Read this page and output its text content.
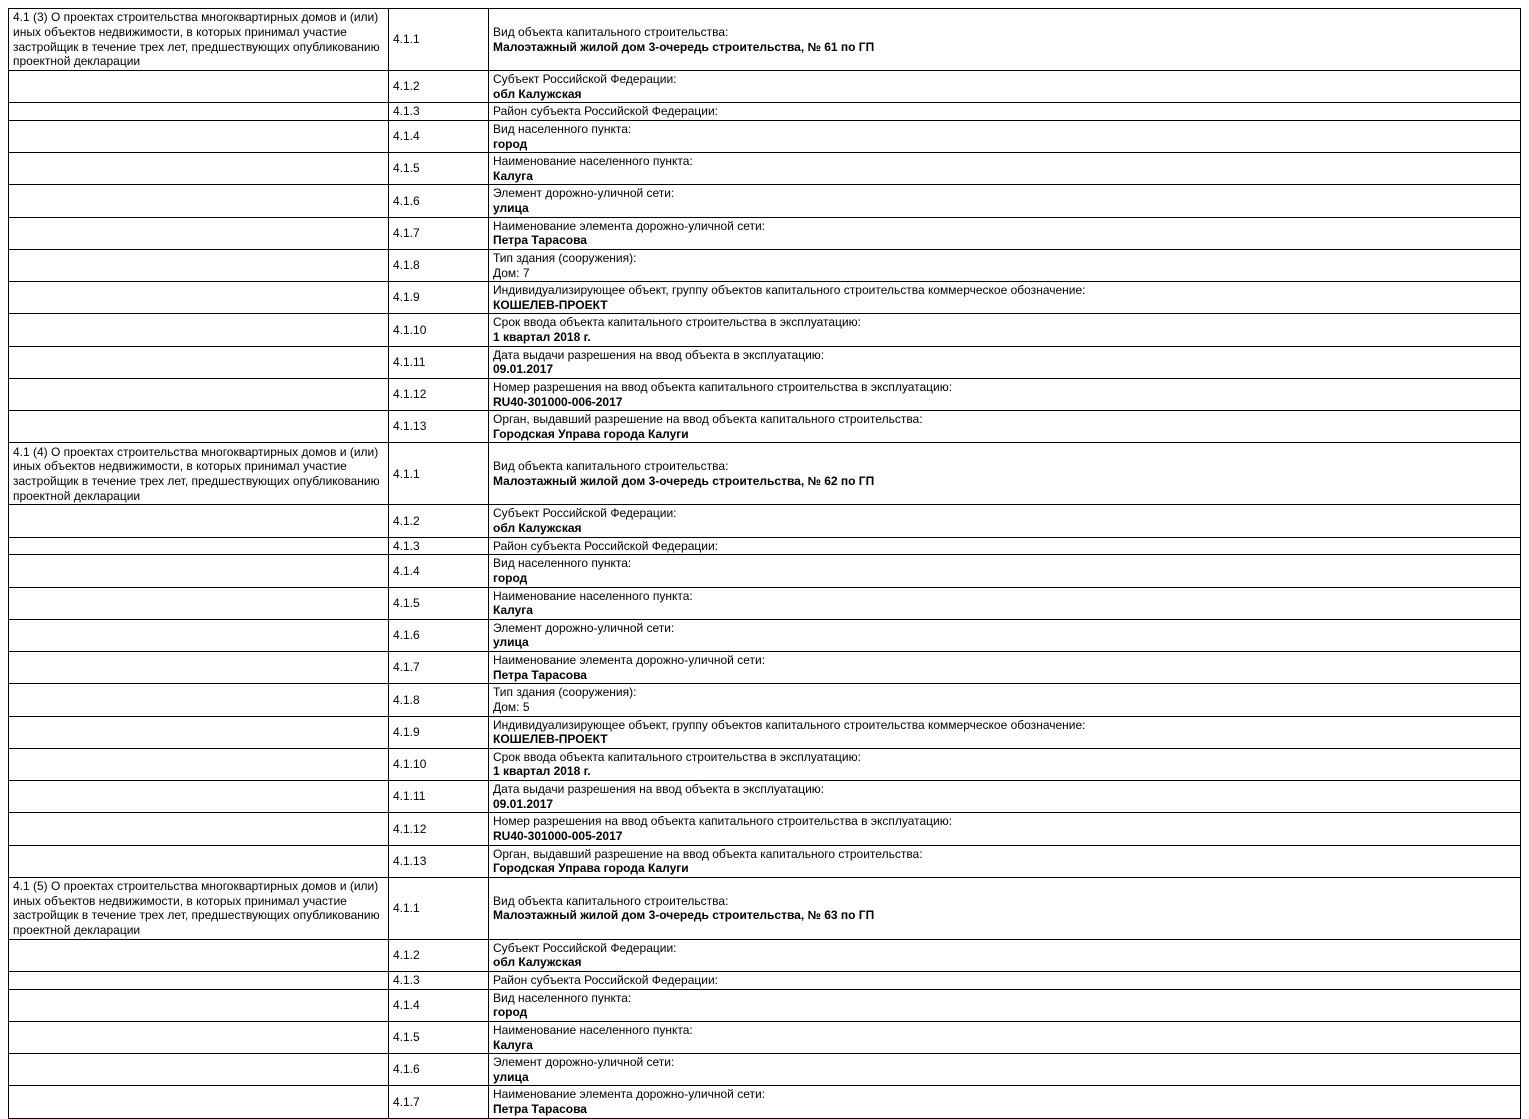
4.1 (3) О проектах строительства многоквартирных домов и (или) иных объектов недвижимости, в которых принимал участие застройщик в течение трех лет, предшествующих опубликованию проектной декларации	4.1.1	Вид объекта капитального строительства:
Малоэтажный жилой дом 3-очередь строительства, № 61 по ГП

	4.1.2	Субъект Российской Федерации:
обл Калужская

	4.1.3	Район субъекта Российской Федерации:

	4.1.4	Вид населенного пункта:
город

	4.1.5	Наименование населенного пункта:
Калуга

	4.1.6	Элемент дорожно-уличной сети:
улица

	4.1.7	Наименование элемента дорожно-уличной сети:
Петра Тарасова

	4.1.8	Тип здания (сооружения):
Дом: 7

	4.1.9	Индивидуализирующее объект, группу объектов капитального строительства коммерческое обозначение:
КОШЕЛЕВ-ПРОЕКТ

	4.1.10	Срок ввода объекта капитального строительства в эксплуатацию:
1 квартал 2018 г.

	4.1.11	Дата выдачи разрешения на ввод объекта в эксплуатацию:
09.01.2017

	4.1.12	Номер разрешения на ввод объекта капитального строительства в эксплуатацию:
RU40-301000-006-2017

	4.1.13	Орган, выдавший разрешение на ввод объекта капитального строительства:
Городская Управа города Калуги

4.1 (4) О проектах строительства многоквартирных домов и (или) иных объектов недвижимости, в которых принимал участие застройщик в течение трех лет, предшествующих опубликованию проектной декларации	4.1.1	Вид объекта капитального строительства:
Малоэтажный жилой дом 3-очередь строительства, № 62 по ГП

	4.1.2	Субъект Российской Федерации:
обл Калужская

	4.1.3	Район субъекта Российской Федерации:

	4.1.4	Вид населенного пункта:
город

	4.1.5	Наименование населенного пункта:
Калуга

	4.1.6	Элемент дорожно-уличной сети:
улица

	4.1.7	Наименование элемента дорожно-уличной сети:
Петра Тарасова

	4.1.8	Тип здания (сооружения):
Дом: 5

	4.1.9	Индивидуализирующее объект, группу объектов капитального строительства коммерческое обозначение:
КОШЕЛЕВ-ПРОЕКТ

	4.1.10	Срок ввода объекта капитального строительства в эксплуатацию:
1 квартал 2018 г.

	4.1.11	Дата выдачи разрешения на ввод объекта в эксплуатацию:
09.01.2017

	4.1.12	Номер разрешения на ввод объекта капитального строительства в эксплуатацию:
RU40-301000-005-2017

	4.1.13	Орган, выдавший разрешение на ввод объекта капитального строительства:
Городская Управа города Калуги

4.1 (5) О проектах строительства многоквартирных домов и (или) иных объектов недвижимости, в которых принимал участие застройщик в течение трех лет, предшествующих опубликованию проектной декларации	4.1.1	Вид объекта капитального строительства:
Малоэтажный жилой дом 3-очередь строительства, № 63 по ГП

	4.1.2	Субъект Российской Федерации:
обл Калужская

	4.1.3	Район субъекта Российской Федерации:

	4.1.4	Вид населенного пункта:
город

	4.1.5	Наименование населенного пункта:
Калуга

	4.1.6	Элемент дорожно-уличной сети:
улица

	4.1.7	Наименование элемента дорожно-уличной сети:
Петра Тарасова
